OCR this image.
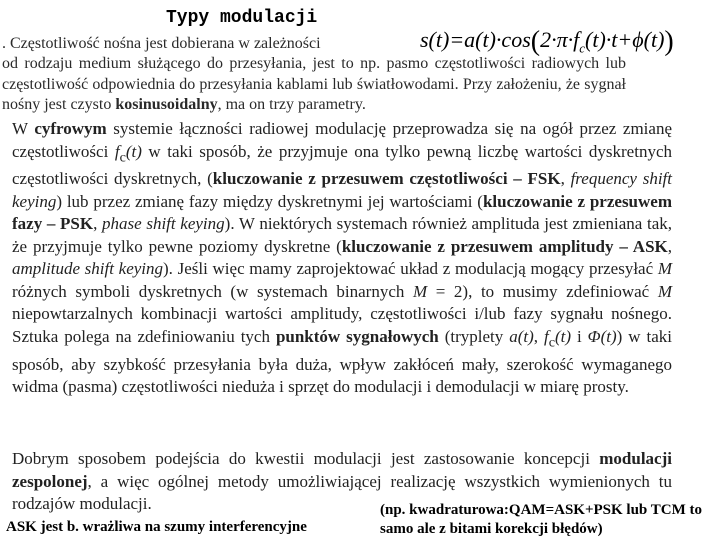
Typy modulacji
$s(t)=a(t)\cdot\cos(2\cdot\pi\cdot f_c(t)\cdot t+\phi(t))$
. Częstotliwość nośna jest dobierana w zależności
od rodzaju medium służącego do przesyłania, jest to np. pasmo częstotliwości radiowych lub częstotliwość odpowiednia do przesyłania kablami lub światłowodami. Przy założeniu, że sygnał nośny jest czysto kosinusoidalny, ma on trzy parametry.
W cyfrowym systemie łączności radiowej modulację przeprowadza się na ogół przez zmianę częstotliwości $f_c(t)$ w taki sposób, że przyjmuje ona tylko pewną liczbę wartości dyskretnych częstotliwości dyskretnych, (kluczowanie z przesuwem częstotliwości – FSK, frequency shift keying) lub przez zmianę fazy między dyskretnymi jej wartościami (kluczowanie z przesuwem fazy – PSK, phase shift keying). W niektórych systemach również amplituda jest zmieniana tak, że przyjmuje tylko pewne poziomy dyskretne (kluczowanie z przesuwem amplitudy – ASK, amplitude shift keying). Jeśli więc mamy zaprojektować układ z modulacją mogący przesyłać M różnych symboli dyskretnych (w systemach binarnych M = 2), to musimy zdefiniować M niepowtarzalnych kombinacji wartości amplitudy, częstotliwości i/lub fazy sygnału nośnego. Sztuka polega na zdefiniowaniu tych punktów sygnałowych (tryplety a(t), $f_c(t)$ i Φ(t)) w taki sposób, aby szybkość przesyłania była duża, wpływ zakłóceń mały, szerokość wymaganego widma (pasma) częstotliwości nieduża i sprzęt do modulacji i demodulacji w miarę prosty.
Dobrym sposobem podejścia do kwestii modulacji jest zastosowanie koncepcji modulacji zespolonej, a więc ogólnej metody umożliwiającej realizację wszystkich wymienionych tu rodzajów modulacji.
ASK jest b. wrażliwa na szumy interferencyjne
(np. kwadraturowa:QAM=ASK+PSK lub TCM to samo ale z bitami korekcji błędów)
